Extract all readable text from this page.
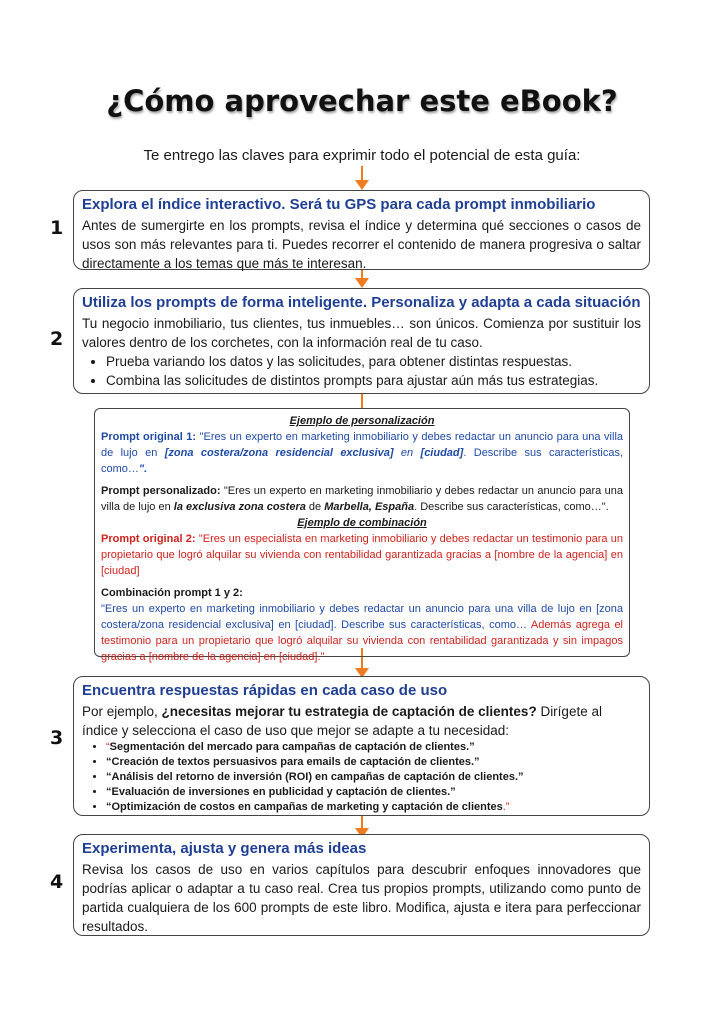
¿Cómo aprovechar este eBook?
Te entrego las claves para exprimir todo el potencial de esta guía:
1
Explora el índice interactivo. Será tu GPS para cada prompt inmobiliario

Antes de sumergirte en los prompts, revisa el índice y determina qué secciones o casos de usos son más relevantes para ti. Puedes recorrer el contenido de manera progresiva o saltar directamente a los temas que más te interesan.

2
Utiliza los prompts de forma inteligente. Personaliza y adapta a cada situación

Tu negocio inmobiliario, tus clientes, tus inmuebles… son únicos. Comienza por sustituir los valores dentro de los corchetes, con la información real de tu caso.

• Prueba variando los datos y las solicitudes, para obtener distintas respuestas.
• Combina las solicitudes de distintos prompts para ajustar aún más tus estrategias.
Ejemplo de personalización

Prompt original 1: "Eres un experto en marketing inmobiliario y debes redactar un anuncio para una villa de lujo en [zona costera/zona residencial exclusiva] en [ciudad]. Describe sus características, como…".

Prompt personalizado: "Eres un experto en marketing inmobiliario y debes redactar un anuncio para una villa de lujo en la exclusiva zona costera de Marbella, España. Describe sus características, como…".

Ejemplo de combinación

Prompt original 2: "Eres un especialista en marketing inmobiliario y debes redactar un testimonio para un propietario que logró alquilar su vivienda con rentabilidad garantizada gracias a [nombre de la agencia] en [ciudad]

Combinación prompt 1 y 2:

"Eres un experto en marketing inmobiliario y debes redactar un anuncio para una villa de lujo en [zona costera/zona residencial exclusiva] en [ciudad]. Describe sus características, como… Además agrega el testimonio para un propietario que logró alquilar su vivienda con rentabilidad garantizada y sin impagos gracias a [nombre de la agencia] en [ciudad]."

3
Encuentra respuestas rápidas en cada caso de uso

Por ejemplo, ¿necesitas mejorar tu estrategia de captación de clientes? Dirígete al índice y selecciona el caso de uso que mejor se adapte a tu necesidad:

• “Segmentación del mercado para campañas de captación de clientes.”
• “Creación de textos persuasivos para emails de captación de clientes.”
• “Análisis del retorno de inversión (ROI) en campañas de captación de clientes.”
• “Evaluación de inversiones en publicidad y captación de clientes.”
• “Optimización de costos en campañas de marketing y captación de clientes.”
4
Experimenta, ajusta y genera más ideas

Revisa los casos de uso en varios capítulos para descubrir enfoques innovadores que podrías aplicar o adaptar a tu caso real. Crea tus propios prompts, utilizando como punto de partida cualquiera de los 600 prompts de este libro. Modifica, ajusta e itera para perfeccionar resultados.
